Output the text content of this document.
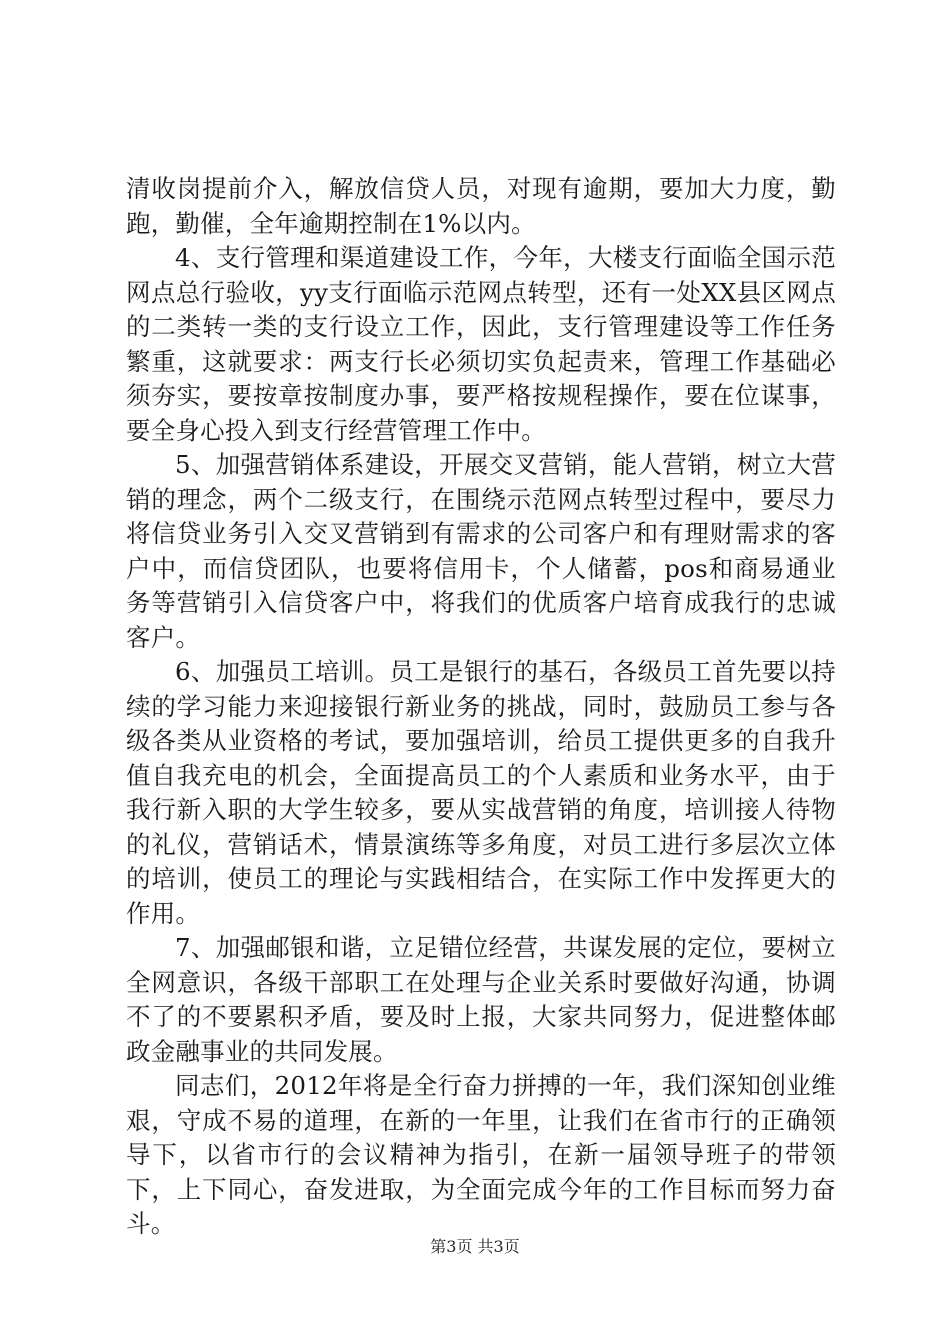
清收岗提前介入，解放信贷人员，对现有逾期，要加大力度，勤跑，勤催，全年逾期控制在1%以内。

4、支行管理和渠道建设工作，今年，大楼支行面临全国示范网点总行验收，yy支行面临示范网点转型，还有一处XX县区网点的二类转一类的支行设立工作，因此，支行管理建设等工作任务繁重，这就要求：两支行长必须切实负起责来，管理工作基础必须夯实，要按章按制度办事，要严格按规程操作，要在位谋事，要全身心投入到支行经营管理工作中。

5、加强营销体系建设，开展交叉营销，能人营销，树立大营销的理念，两个二级支行，在围绕示范网点转型过程中，要尽力将信贷业务引入交叉营销到有需求的公司客户和有理财需求的客户中，而信贷团队，也要将信用卡，个人储蓄，pos和商易通业务等营销引入信贷客户中，将我们的优质客户培育成我行的忠诚客户。

6、加强员工培训。员工是银行的基石，各级员工首先要以持续的学习能力来迎接银行新业务的挑战，同时，鼓励员工参与各级各类从业资格的考试，要加强培训，给员工提供更多的自我升值自我充电的机会，全面提高员工的个人素质和业务水平，由于我行新入职的大学生较多，要从实战营销的角度，培训接人待物的礼仪，营销话术，情景演练等多角度，对员工进行多层次立体的培训，使员工的理论与实践相结合，在实际工作中发挥更大的作用。

7、加强邮银和谐，立足错位经营，共谋发展的定位，要树立全网意识，各级干部职工在处理与企业关系时要做好沟通，协调不了的不要累积矛盾，要及时上报，大家共同努力，促进整体邮政金融事业的共同发展。

同志们，2012年将是全行奋力拼搏的一年，我们深知创业维艰，守成不易的道理，在新的一年里，让我们在省市行的正确领导下，以省市行的会议精神为指引，在新一届领导班子的带领下，上下同心，奋发进取，为全面完成今年的工作目标而努力奋斗。

第3页 共3页
